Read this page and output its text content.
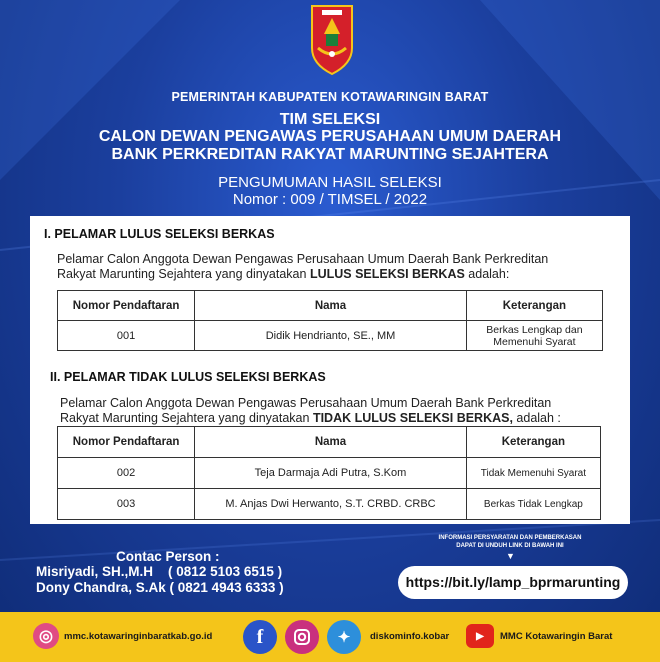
PEMERINTAH KABUPATEN KOTAWARINGIN BARAT
TIM SELEKSI
CALON DEWAN PENGAWAS PERUSAHAAN UMUM DAERAH
BANK PERKREDITAN RAKYAT MARUNTING SEJAHTERA
PENGUMUMAN HASIL SELEKSI
Nomor : 009 / TIMSEL / 2022
I. PELAMAR LULUS SELEKSI BERKAS
Pelamar Calon Anggota Dewan Pengawas Perusahaan Umum Daerah Bank Perkreditan
Rakyat Marunting Sejahtera yang dinyatakan LULUS SELEKSI BERKAS adalah:
Nomor Pendaftaran	Nama	Keterangan
001	Didik Hendrianto, SE., MM	Berkas Lengkap dan
Memenuhi Syarat
II. PELAMAR TIDAK LULUS SELEKSI BERKAS
Pelamar Calon Anggota Dewan Pengawas Perusahaan Umum Daerah Bank Perkreditan
Rakyat Marunting Sejahtera yang dinyatakan TIDAK LULUS SELEKSI BERKAS, adalah :
Nomor Pendaftaran	Nama	Keterangan
002	Teja Darmaja Adi Putra, S.Kom	Tidak Memenuhi Syarat
003	M. Anjas Dwi Herwanto, S.T. CRBD. CRBC	Berkas Tidak Lengkap
Contac Person :
Misriyadi, SH.,M.H ( 0812 5103 6515 )
Dony Chandra, S.Ak ( 0821 4943 6333 )
INFORMASI PERSYARATAN DAN PEMBERKASAN
DAPAT DI UNDUH LINK DI BAWAH INI
▼
https://bit.ly/lamp_bprmarunting
◎	mmc.kotawaringinbaratkab.go.id	f	✦	diskominfo.kobar	▶	MMC Kotawaringin Barat
